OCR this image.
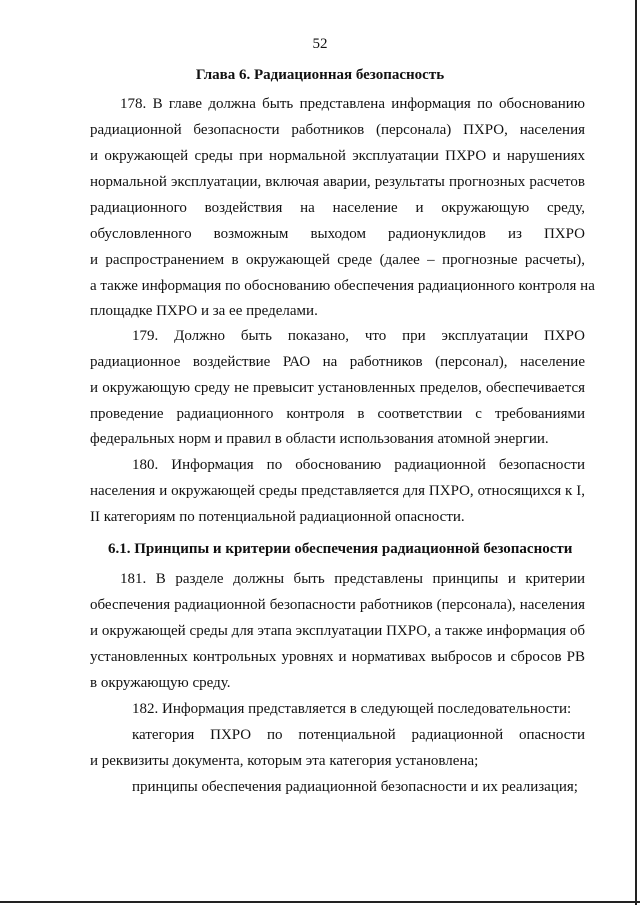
52
Глава 6. Радиационная безопасность
178. В главе должна быть представлена информация по обоснованию
радиационной безопасности работников (персонала) ПХРО, населения
и окружающей среды при нормальной эксплуатации ПХРО и нарушениях
нормальной эксплуатации, включая аварии, результаты прогнозных расчетов
радиационного воздействия на население и окружающую среду,
обусловленного возможным выходом радионуклидов из ПХРО
и распространением в окружающей среде (далее – прогнозные расчеты),
а также информация по обоснованию обеспечения радиационного контроля на
площадке ПХРО и за ее пределами.
179. Должно быть показано, что при эксплуатации ПХРО
радиационное воздействие РАО на работников (персонал), население
и окружающую среду не превысит установленных пределов, обеспечивается
проведение радиационного контроля в соответствии с требованиями
федеральных норм и правил в области использования атомной энергии.
180. Информация по обоснованию радиационной безопасности
населения и окружающей среды представляется для ПХРО, относящихся к I,
II категориям по потенциальной радиационной опасности.
6.1. Принципы и критерии обеспечения радиационной безопасности
181. В разделе должны быть представлены принципы и критерии
обеспечения радиационной безопасности работников (персонала), населения
и окружающей среды для этапа эксплуатации ПХРО, а также информация об
установленных контрольных уровнях и нормативах выбросов и сбросов РВ
в окружающую среду.
182. Информация представляется в следующей последовательности:
категория ПХРО по потенциальной радиационной опасности
и реквизиты документа, которым эта категория установлена;
принципы обеспечения радиационной безопасности и их реализация;
